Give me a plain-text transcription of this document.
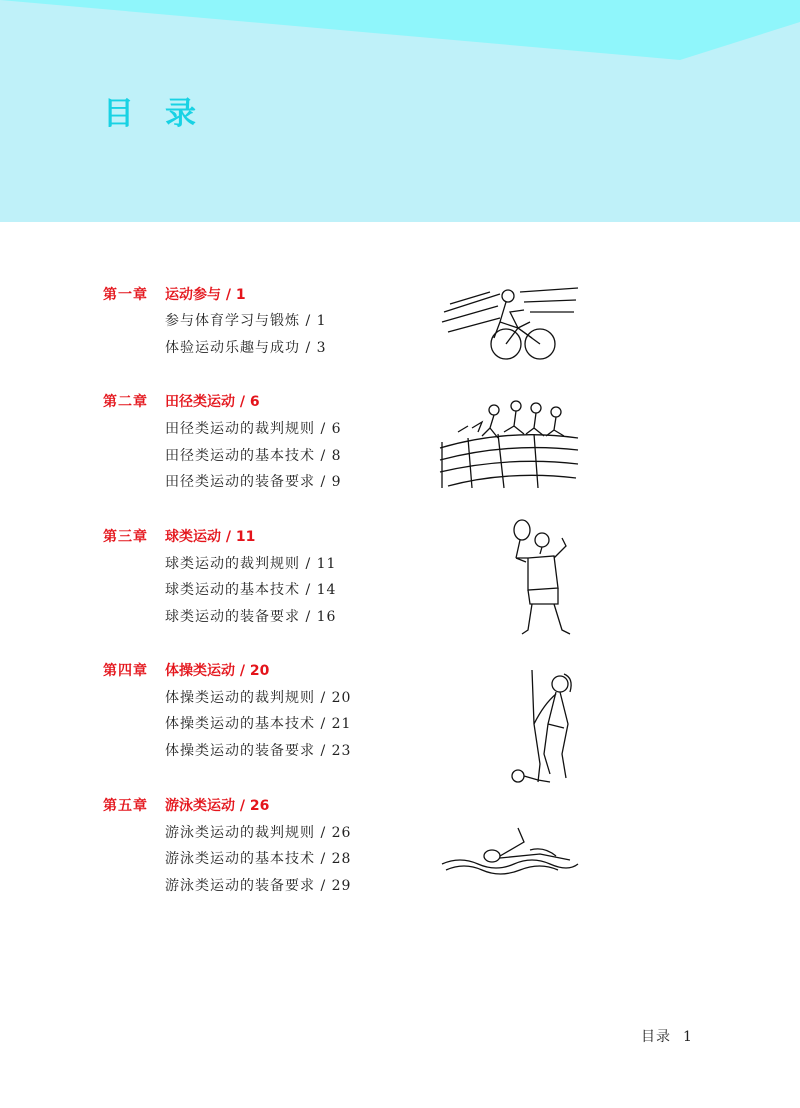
目录
第一章 运动参与 / 1
参与体育学习与锻炼 / 1
体验运动乐趣与成功 / 3
第二章 田径类运动 / 6
田径类运动的裁判规则 / 6
田径类运动的基本技术 / 8
田径类运动的装备要求 / 9
第三章 球类运动 / 11
球类运动的裁判规则 / 11
球类运动的基本技术 / 14
球类运动的装备要求 / 16
第四章 体操类运动 / 20
体操类运动的裁判规则 / 20
体操类运动的基本技术 / 21
体操类运动的装备要求 / 23
第五章 游泳类运动 / 26
游泳类运动的裁判规则 / 26
游泳类运动的基本技术 / 28
游泳类运动的装备要求 / 29
目录 1
